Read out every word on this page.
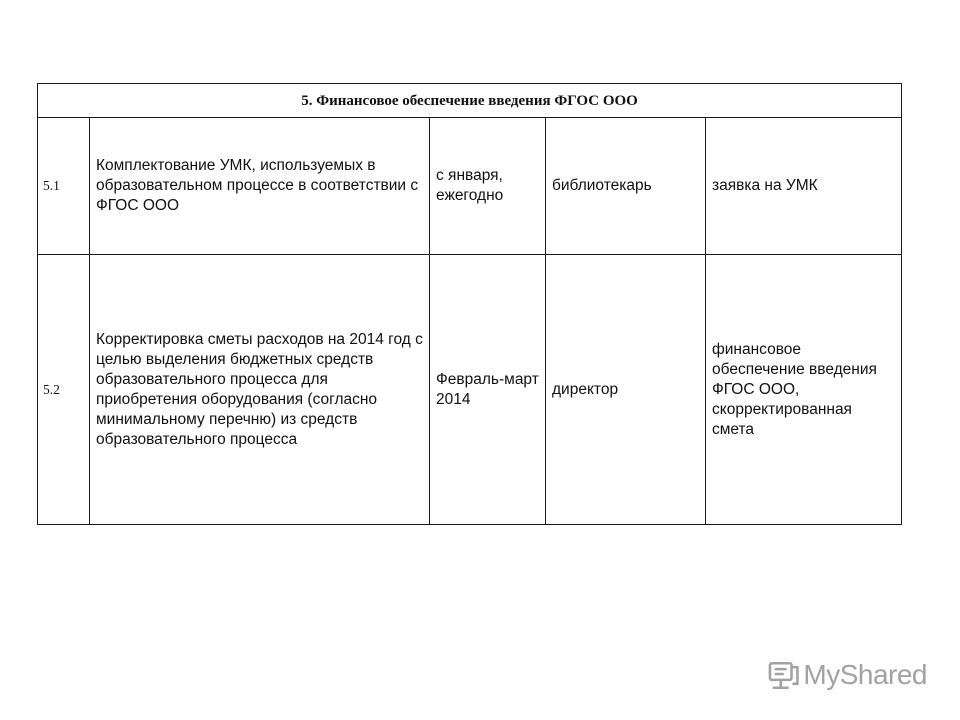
5. Финансовое обеспечение введения ФГОС ООО				
5.1	Комплектование УМК, используемых в образовательном процессе в соответствии с ФГОС ООО	с января, ежегодно	библиотекарь	заявка на УМК
5.2	Корректировка сметы расходов на 2014 год с целью выделения бюджетных средств образовательного процесса для приобретения оборудования (согласно минимальному перечню) из средств образовательного процесса	Февраль-март 2014	директор	финансовое обеспечение введения ФГОС ООО, скорректированная смета
MyShared
